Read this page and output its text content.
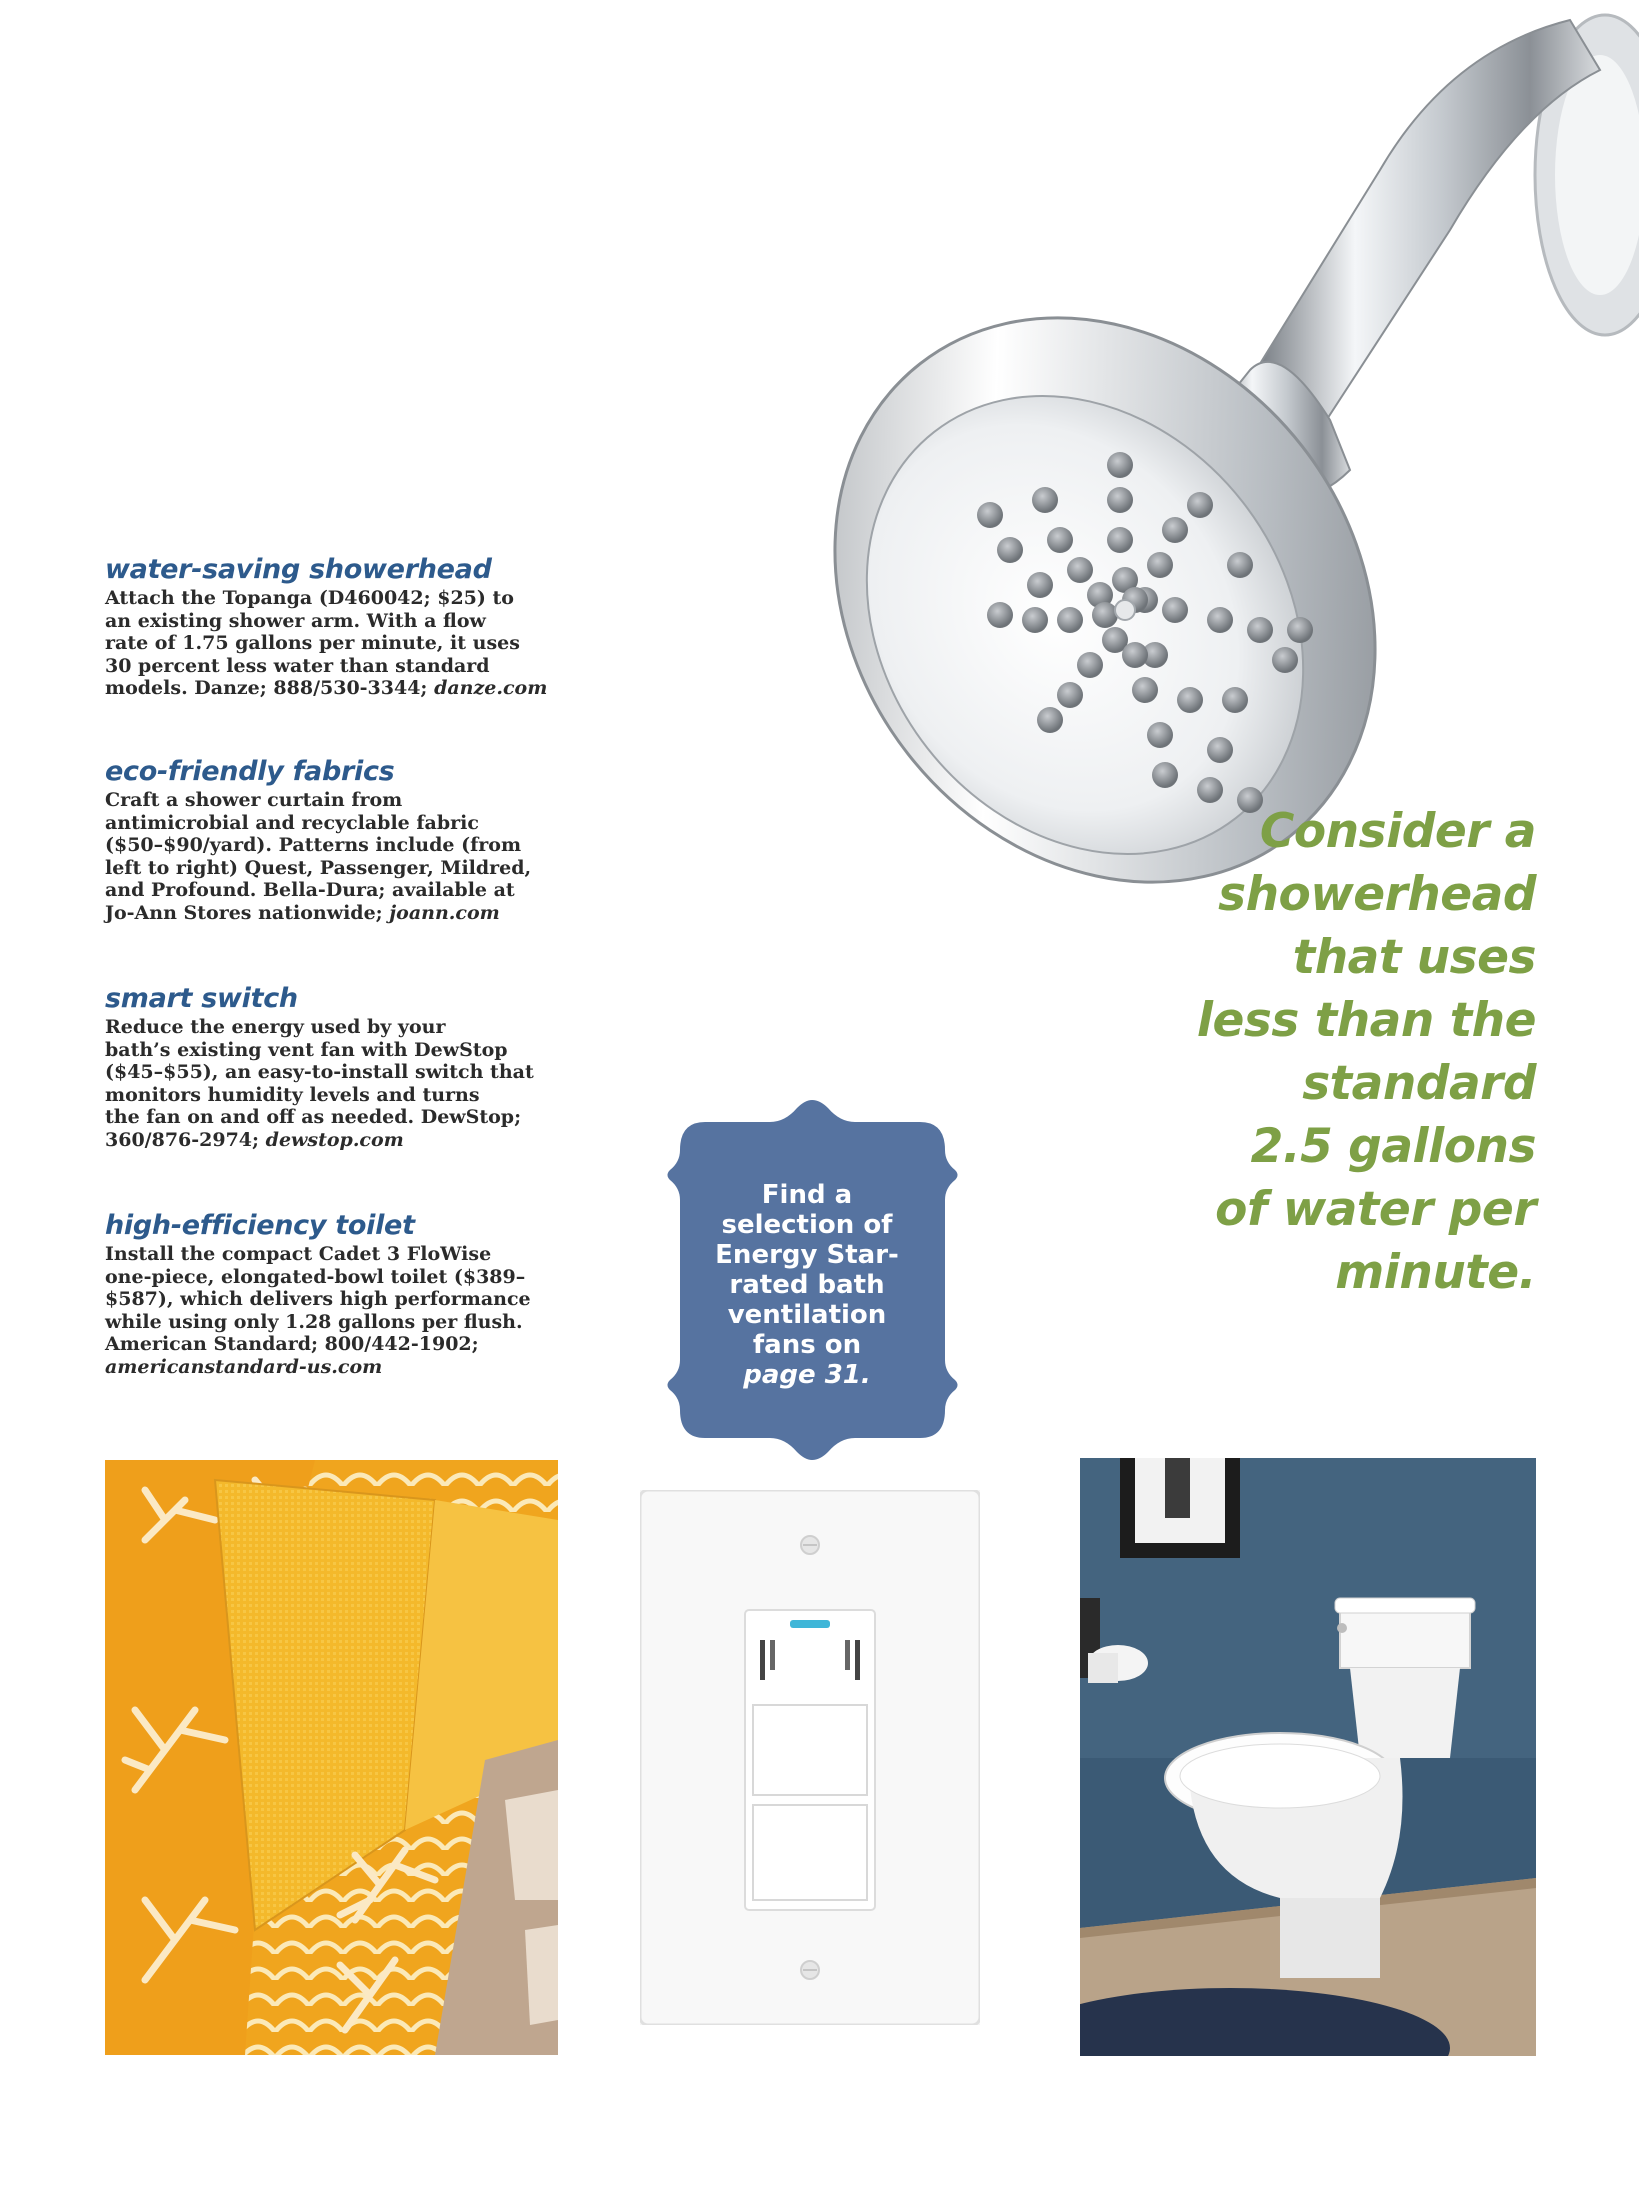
water-saving showerhead

Attach the Topanga (D460042; $25) to
an existing shower arm. With a flow
rate of 1.75 gallons per minute, it uses
30 percent less water than standard
models. Danze; 888/530-3344; danze.com

eco-friendly fabrics

Craft a shower curtain from
antimicrobial and recyclable fabric
($50–$90/yard). Patterns include (from
left to right) Quest, Passenger, Mildred,
and Profound. Bella-Dura; available at
Jo-Ann Stores nationwide; joann.com

smart switch

Reduce the energy used by your
bath’s existing vent fan with DewStop
($45–$55), an easy-to-install switch that
monitors humidity levels and turns
the fan on and off as needed. DewStop;
360/876-2974; dewstop.com

high-efficiency toilet

Install the compact Cadet 3 FloWise
one-piece, elongated-bowl toilet ($389–
$587), which delivers high performance
while using only 1.28 gallons per flush.
American Standard; 800/442-1902;
americanstandard-us.com

Consider a
showerhead
that uses
less than the
standard
2.5 gallons
of water per
minute.
Find a
selection of
Energy Star-
rated bath
ventilation
fans on
page 31.
